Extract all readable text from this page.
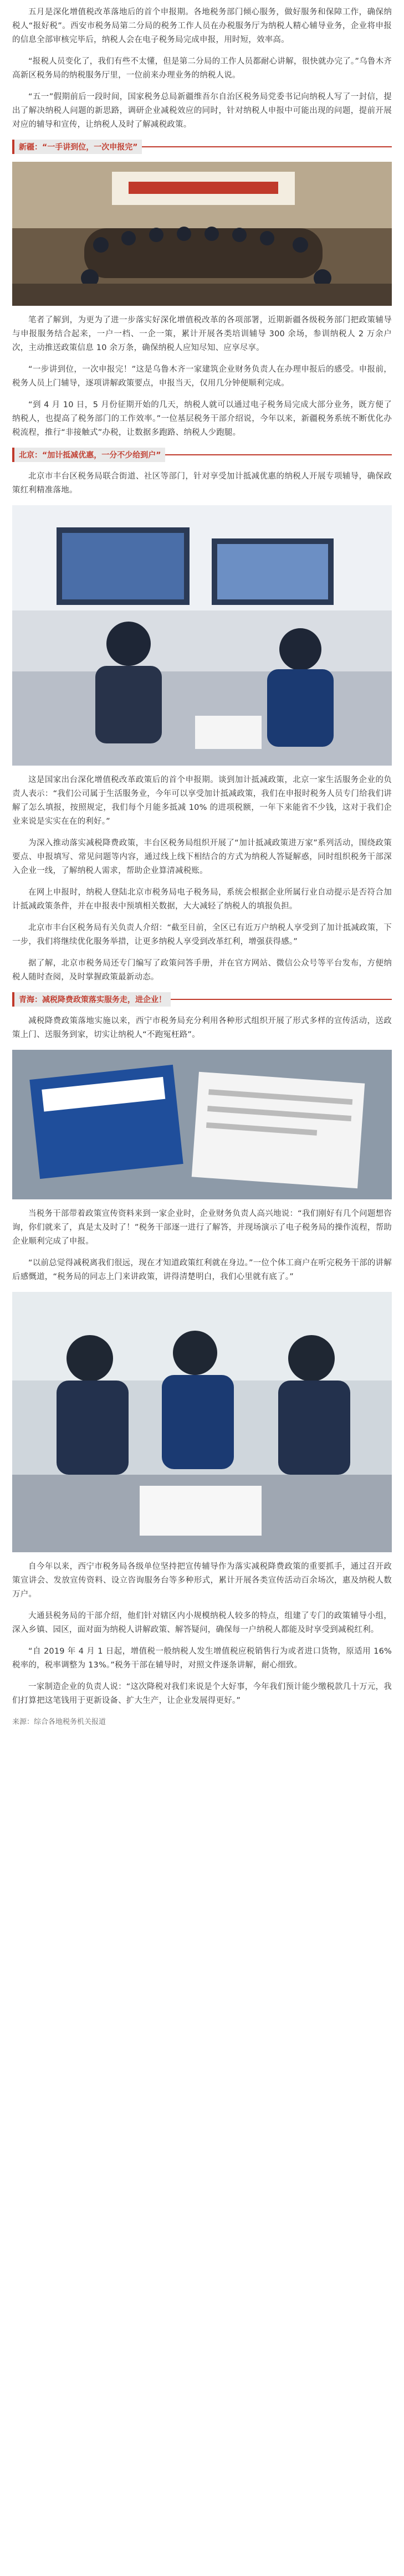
五月是深化增值税改革落地后的首个申报期。各地税务部门倾心服务，做好服务和保障工作，确保纳税人“报好税”。西安市税务局第二分局的税务工作人员在办税服务厅为纳税人精心辅导业务，企业将申报的信息全部审核完毕后，纳税人会在电子税务局完成申报，用时短，效率高。

“报税人员变化了，我们有些不太懂，但是第二分局的工作人员都耐心讲解，很快就办完了。”乌鲁木齐高新区税务局的纳税服务厅里，一位前来办理业务的纳税人说。

“五一”假期前后一段时间，国家税务总局新疆维吾尔自治区税务局党委书记向纳税人写了一封信，提出了解决纳税人问题的新思路，调研企业减税效应的同时，针对纳税人申报中可能出现的问题，提前开展对应的辅导和宣传，让纳税人及时了解减税政策。

新疆：“一手讲到位，一次申报完”

笔者了解到，为更为了进一步落实好深化增值税改革的各项部署，近期新疆各级税务部门把政策辅导与申报服务结合起来，一户一档、一企一策，累计开展各类培训辅导 300 余场，参训纳税人 2 万余户次，主动推送政策信息 10 余万条，确保纳税人应知尽知、应享尽享。

“一步讲到位，一次申报完！”这是乌鲁木齐一家建筑企业财务负责人在办理申报后的感受。申报前，税务人员上门辅导，逐项讲解政策要点，申报当天，仅用几分钟便顺利完成。

“到 4 月 10 日，5 月份征期开始的几天，纳税人就可以通过电子税务局完成大部分业务，既方便了纳税人，也提高了税务部门的工作效率。”一位基层税务干部介绍说，今年以来，新疆税务系统不断优化办税流程，推行“非接触式”办税，让数据多跑路、纳税人少跑腿。

北京：“加计抵减优惠，一分不少给到户”

北京市丰台区税务局联合街道、社区等部门，针对享受加计抵减优惠的纳税人开展专项辅导，确保政策红利精准落地。

这是国家出台深化增值税改革政策后的首个申报期。谈到加计抵减政策，北京一家生活服务企业的负责人表示：“我们公司属于生活服务业，今年可以享受加计抵减政策，我们在申报时税务人员专门给我们讲解了怎么填报，按照规定，我们每个月能多抵减 10% 的进项税额，一年下来能省不少钱，这对于我们企业来说是实实在在的利好。”

为深入推动落实减税降费政策，丰台区税务局组织开展了“加计抵减政策进万家”系列活动，围绕政策要点、申报填写、常见问题等内容，通过线上线下相结合的方式为纳税人答疑解惑，同时组织税务干部深入企业一线，了解纳税人需求，帮助企业算清减税账。

在网上申报时，纳税人登陆北京市税务局电子税务局，系统会根据企业所属行业自动提示是否符合加计抵减政策条件，并在申报表中预填相关数据，大大减轻了纳税人的填报负担。

北京市丰台区税务局有关负责人介绍：“截至目前，全区已有近万户纳税人享受到了加计抵减政策，下一步，我们将继续优化服务举措，让更多纳税人享受到改革红利，增强获得感。”

据了解，北京市税务局还专门编写了政策问答手册，并在官方网站、微信公众号等平台发布，方便纳税人随时查阅，及时掌握政策最新动态。

青海：减税降费政策落实服务走，进企业！

减税降费政策落地实施以来，西宁市税务局充分利用各种形式组织开展了形式多样的宣传活动，送政策上门、送服务到家，切实让纳税人“不跑冤枉路”。

当税务干部带着政策宣传资料来到一家企业时，企业财务负责人高兴地说：“我们刚好有几个问题想咨询，你们就来了，真是太及时了！”税务干部逐一进行了解答，并现场演示了电子税务局的操作流程，帮助企业顺利完成了申报。

“以前总觉得减税离我们很远，现在才知道政策红利就在身边。”一位个体工商户在听完税务干部的讲解后感慨道，“税务局的同志上门来讲政策，讲得清楚明白，我们心里就有底了。”

自今年以来，西宁市税务局各级单位坚持把宣传辅导作为落实减税降费政策的重要抓手，通过召开政策宣讲会、发放宣传资料、设立咨询服务台等多种形式，累计开展各类宣传活动百余场次，惠及纳税人数万户。

大通县税务局的干部介绍，他们针对辖区内小规模纳税人较多的特点，组建了专门的政策辅导小组，深入乡镇、园区，面对面为纳税人讲解政策、解答疑问，确保每一户纳税人都能及时享受到减税红利。

“自 2019 年 4 月 1 日起，增值税一般纳税人发生增值税应税销售行为或者进口货物，原适用 16% 税率的，税率调整为 13%。”税务干部在辅导时，对照文件逐条讲解，耐心细致。

一家制造企业的负责人说：“这次降税对我们来说是个大好事，今年我们预计能少缴税款几十万元，我们打算把这笔钱用于更新设备、扩大生产，让企业发展得更好。”

来源：综合各地税务机关报道
